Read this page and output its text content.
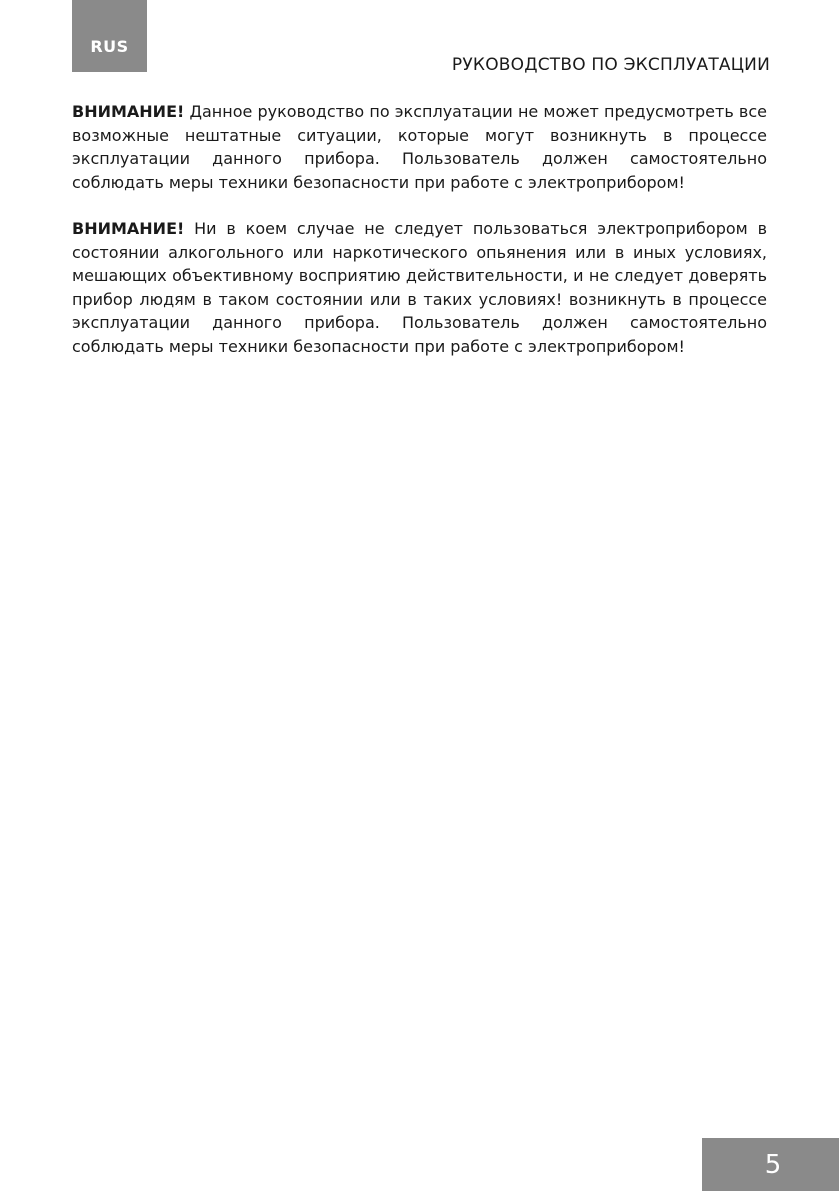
RUS
РУКОВОДСТВО ПО ЭКСПЛУАТАЦИИ

ВНИМАНИЕ! Данное руководство по эксплуатации не может предусмотреть все возможные нештатные ситуации, которые могут возникнуть в процессе эксплуатации данного прибора. Пользователь должен самостоятельно соблюдать меры техники безопасности при работе с электроприбором!

ВНИМАНИЕ! Ни в коем случае не следует пользоваться электроприбором в состоянии алкогольного или наркотического опьянения или в иных условиях, мешающих объективному восприятию действительности, и не следует доверять прибор людям в таком состоянии или в таких условиях! возникнуть в процессе эксплуатации данного прибора. Пользователь должен самостоятельно соблюдать меры техники безопасности при работе с электроприбором!

5
